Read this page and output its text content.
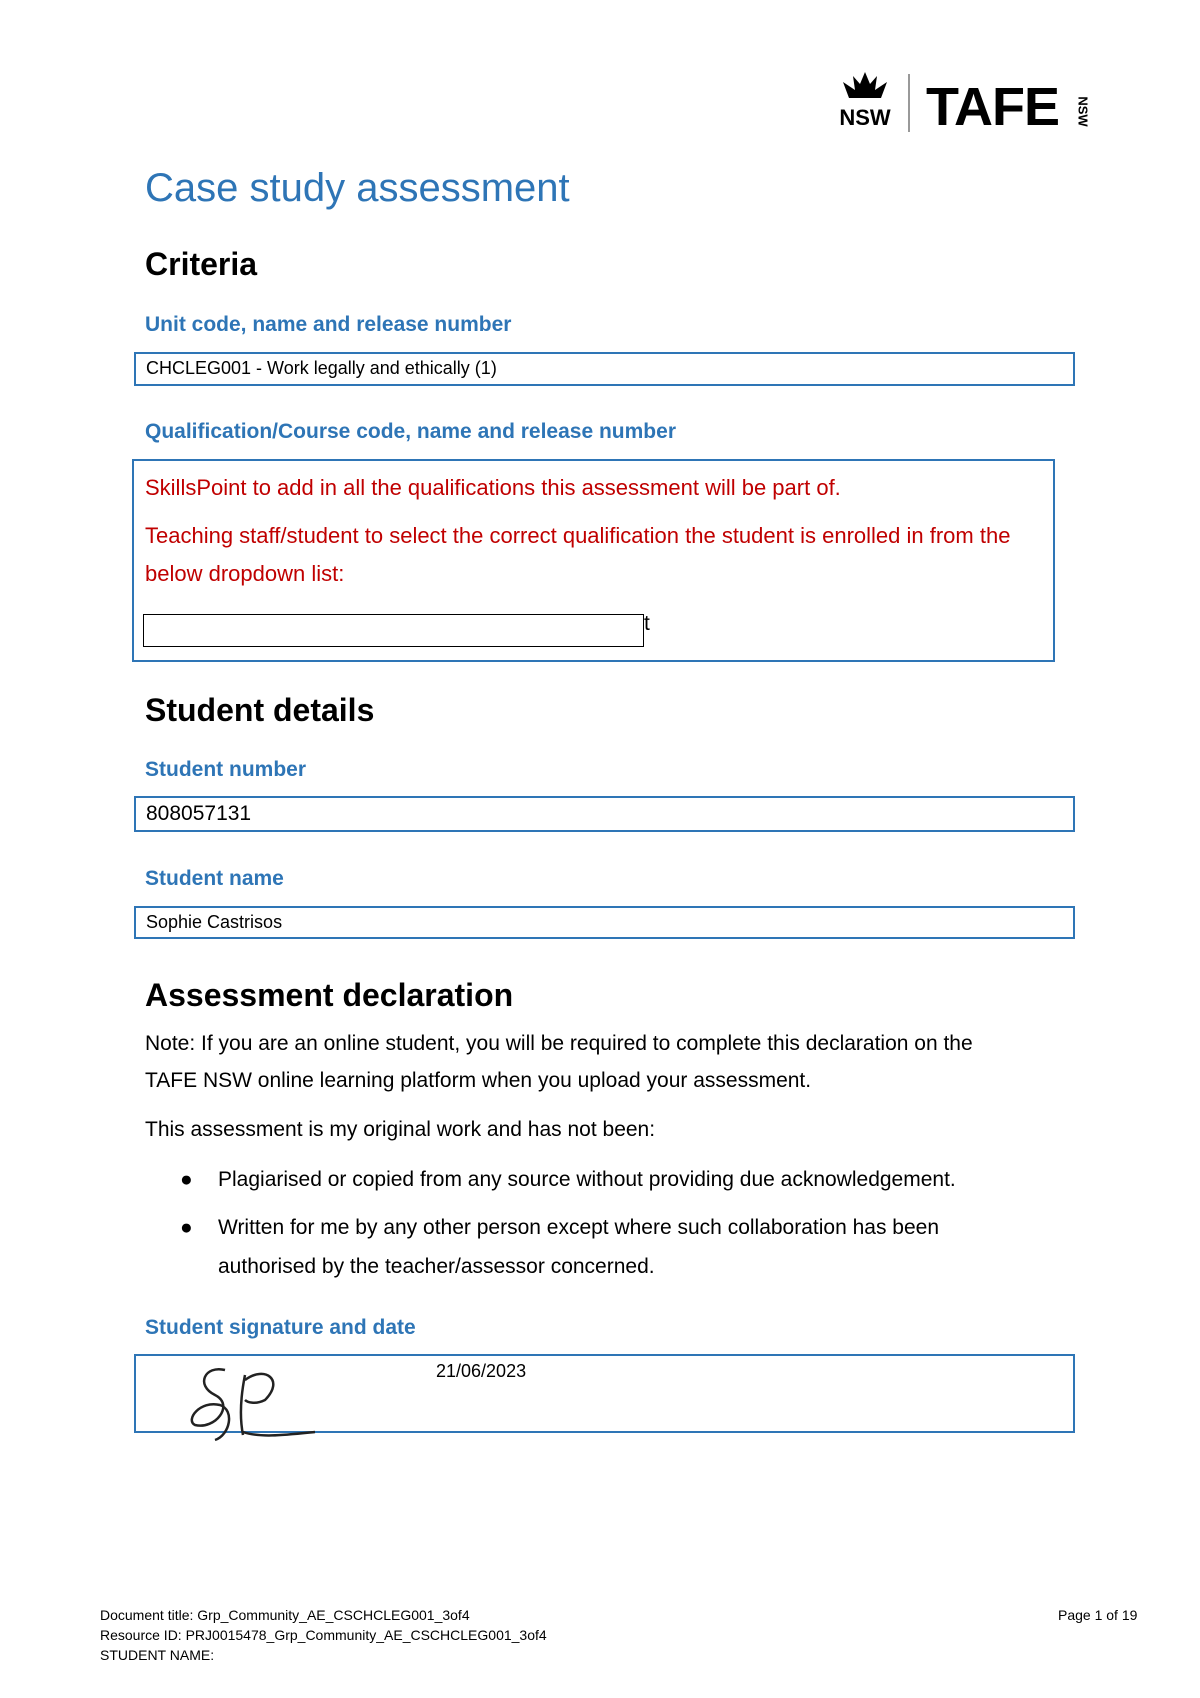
NSW TAFE NSW
Case study assessment
Criteria
Unit code, name and release number
CHCLEG001 - Work legally and ethically (1)
Qualification/Course code, name and release number
SkillsPoint to add in all the qualifications this assessment will be part of.
Teaching staff/student to select the correct qualification the student is enrolled in from the
below dropdown list:
t
Student details
Student number
808057131
Student name
Sophie Castrisos
Assessment declaration
Note: If you are an online student, you will be required to complete this declaration on the
TAFE NSW online learning platform when you upload your assessment.
This assessment is my original work and has not been:
● Plagiarised or copied from any source without providing due acknowledgement.
● Written for me by any other person except where such collaboration has been
authorised by the teacher/assessor concerned.
Student signature and date
21/06/2023
Document title: Grp_Community_AE_CSCHCLEG001_3of4
Resource ID: PRJ0015478_Grp_Community_AE_CSCHCLEG001_3of4
STUDENT NAME:
Page 1 of 19
